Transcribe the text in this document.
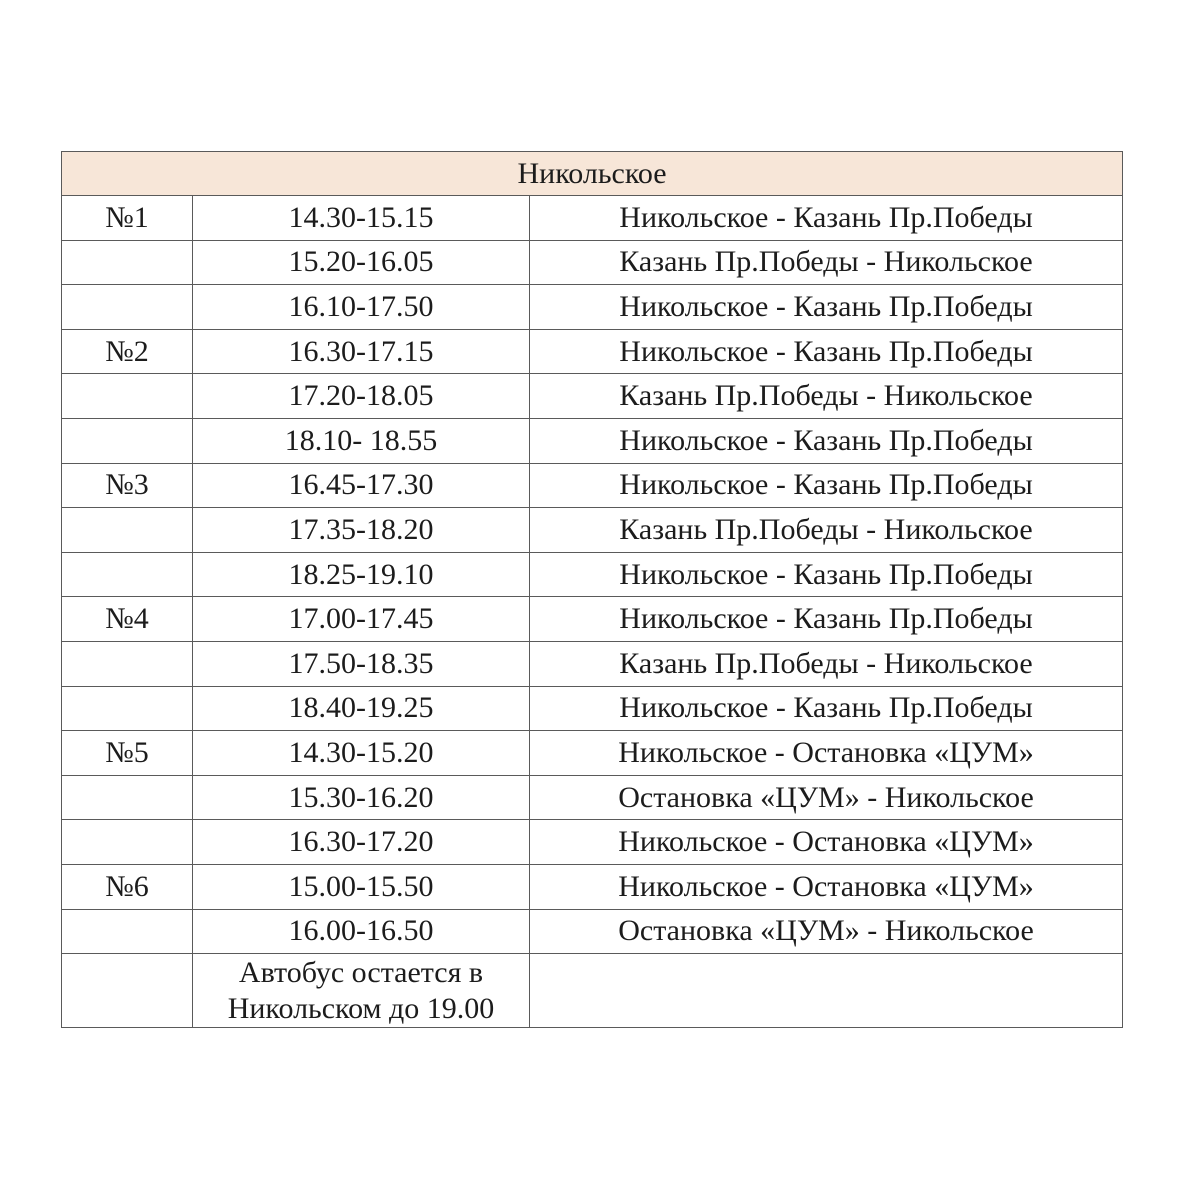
Никольское		
№1	14.30-15.15	Никольское - Казань Пр.Победы
	15.20-16.05	Казань Пр.Победы - Никольское
	16.10-17.50	Никольское - Казань Пр.Победы
№2	16.30-17.15	Никольское - Казань Пр.Победы
	17.20-18.05	Казань Пр.Победы - Никольское
	18.10- 18.55	Никольское - Казань Пр.Победы
№3	16.45-17.30	Никольское - Казань Пр.Победы
	17.35-18.20	Казань Пр.Победы - Никольское
	18.25-19.10	Никольское - Казань Пр.Победы
№4	17.00-17.45	Никольское - Казань Пр.Победы
	17.50-18.35	Казань Пр.Победы - Никольское
	18.40-19.25	Никольское - Казань Пр.Победы
№5	14.30-15.20	Никольское - Остановка «ЦУМ»
	15.30-16.20	Остановка «ЦУМ» - Никольское
	16.30-17.20	Никольское - Остановка «ЦУМ»
№6	15.00-15.50	Никольское - Остановка «ЦУМ»
	16.00-16.50	Остановка «ЦУМ» - Никольское

	Автобус остается в
Никольском до 19.00	
